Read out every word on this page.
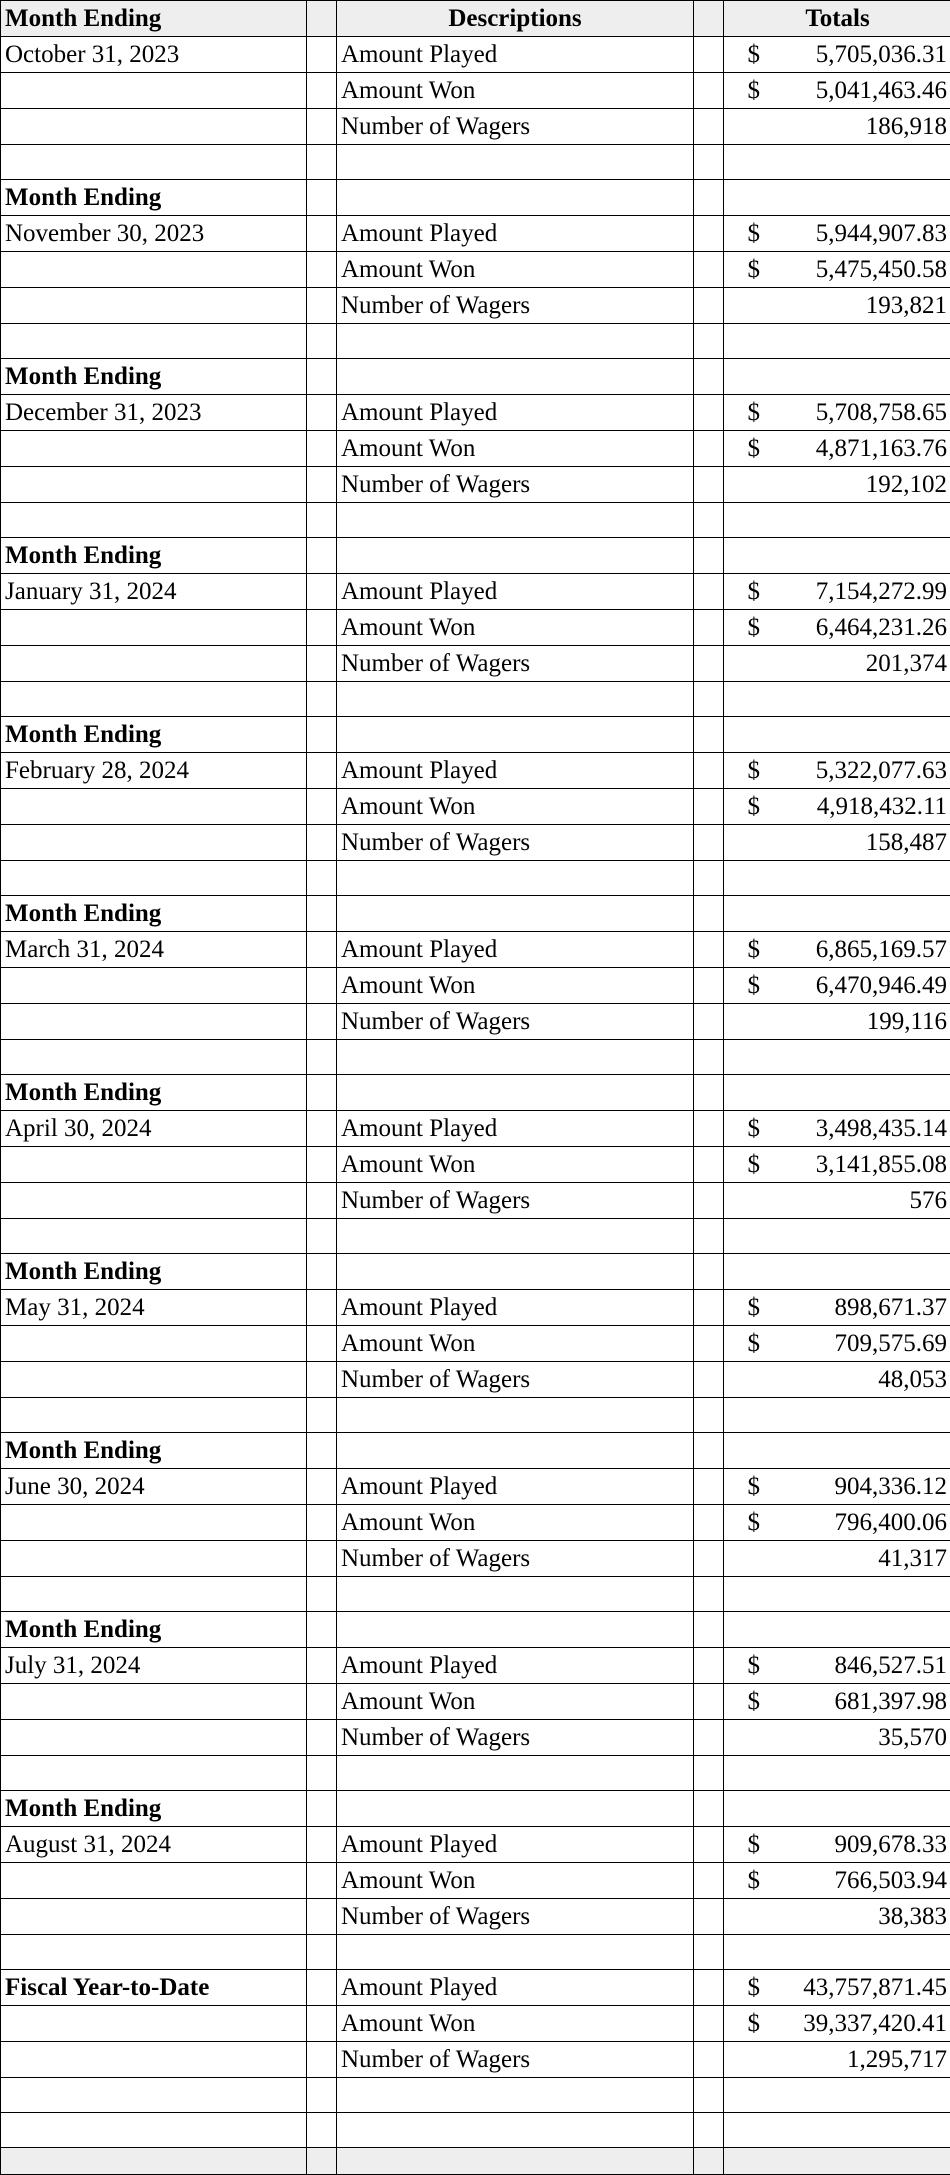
Month Ending		Descriptions		Totals	
October 31, 2023		Amount Played		$	5,705,036.31
		Amount Won		$	5,041,463.46
		Number of Wagers			186,918

Month Ending					
November 30, 2023		Amount Played		$	5,944,907.83
		Amount Won		$	5,475,450.58
		Number of Wagers			193,821

Month Ending					
December 31, 2023		Amount Played		$	5,708,758.65
		Amount Won		$	4,871,163.76
		Number of Wagers			192,102

Month Ending					
January 31, 2024		Amount Played		$	7,154,272.99
		Amount Won		$	6,464,231.26
		Number of Wagers			201,374

Month Ending					
February 28, 2024		Amount Played		$	5,322,077.63
		Amount Won		$	4,918,432.11
		Number of Wagers			158,487

Month Ending					
March 31, 2024		Amount Played		$	6,865,169.57
		Amount Won		$	6,470,946.49
		Number of Wagers			199,116

Month Ending					
April 30, 2024		Amount Played		$	3,498,435.14
		Amount Won		$	3,141,855.08
		Number of Wagers			576

Month Ending					
May 31, 2024		Amount Played		$	898,671.37
		Amount Won		$	709,575.69
		Number of Wagers			48,053

Month Ending					
June 30, 2024		Amount Played		$	904,336.12
		Amount Won		$	796,400.06
		Number of Wagers			41,317

Month Ending					
July 31, 2024		Amount Played		$	846,527.51
		Amount Won		$	681,397.98
		Number of Wagers			35,570

Month Ending					
August 31, 2024		Amount Played		$	909,678.33
		Amount Won		$	766,503.94
		Number of Wagers			38,383

Fiscal Year-to-Date		Amount Played		$	43,757,871.45
		Amount Won		$	39,337,420.41
		Number of Wagers			1,295,717
